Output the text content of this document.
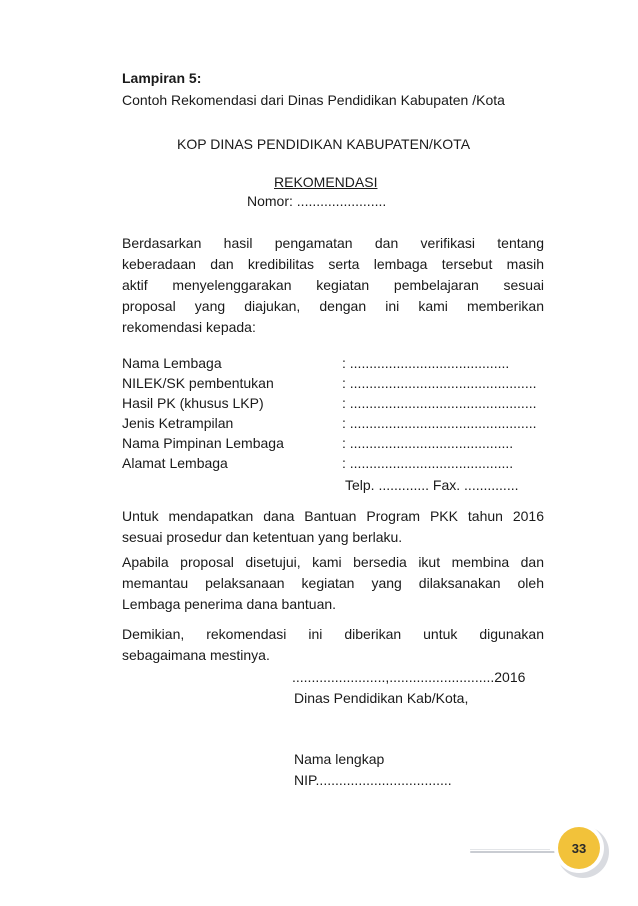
Lampiran 5:
Contoh Rekomendasi dari Dinas Pendidikan Kabupaten /Kota
KOP DINAS PENDIDIKAN KABUPATEN/KOTA
REKOMENDASI
Nomor: .......................
Berdasarkan hasil pengamatan dan verifikasi tentang
keberadaan dan kredibilitas serta lembaga tersebut masih
aktif menyelenggarakan kegiatan pembelajaran sesuai
proposal yang diajukan, dengan ini kami memberikan
rekomendasi kepada:
Nama Lembaga	: .........................................
NILEK/SK pembentukan	: ................................................
Hasil PK (khusus LKP)	: ................................................
Jenis Ketrampilan	: ................................................
Nama Pimpinan Lembaga	: ..........................................
Alamat Lembaga	: ..........................................
Telp. ............. Fax. ..............
Untuk mendapatkan dana Bantuan Program PKK tahun 2016
sesuai prosedur dan ketentuan yang berlaku.
Apabila proposal disetujui, kami bersedia ikut membina dan
memantau pelaksanaan kegiatan yang dilaksanakan oleh
Lembaga penerima dana bantuan.
Demikian, rekomendasi ini diberikan untuk digunakan
sebagaimana mestinya.
........................,...........................2016
Dinas Pendidikan Kab/Kota,
Nama lengkap
NIP...................................
33
